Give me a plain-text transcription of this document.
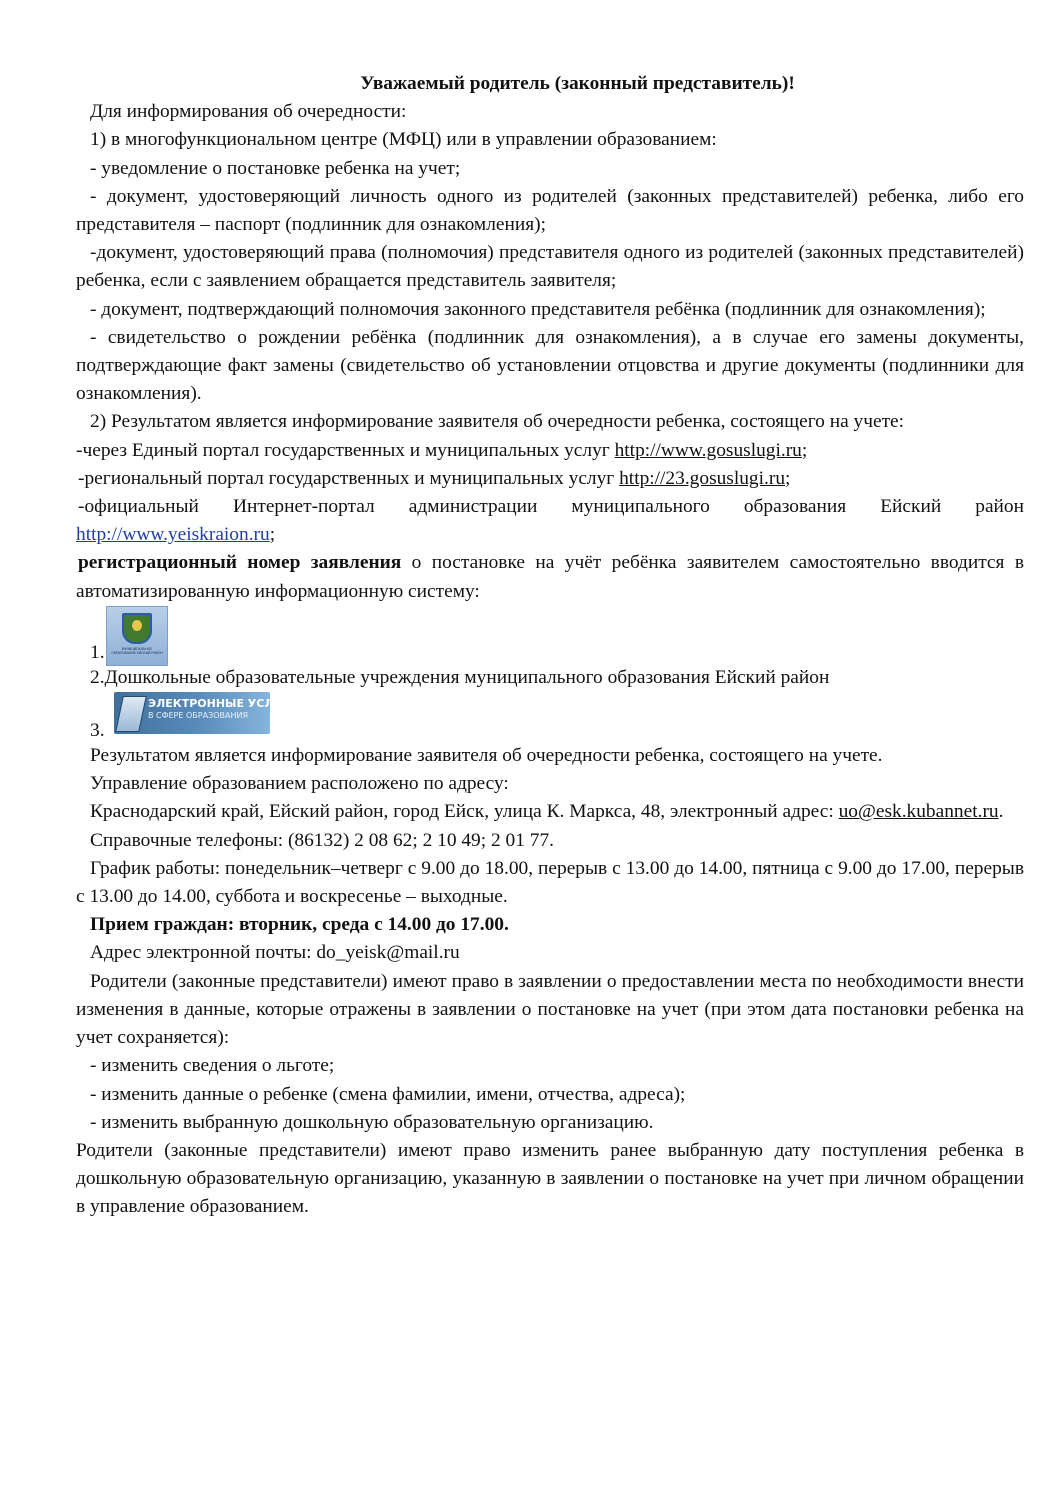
Уважаемый родитель (законный представитель)!
Для информирования об очередности:
1) в многофункциональном центре (МФЦ) или в управлении образованием:
- уведомление о постановке ребенка на учет;
- документ, удостоверяющий личность одного из родителей (законных представителей) ребенка, либо его представителя – паспорт (подлинник для ознакомления);
-документ, удостоверяющий права (полномочия) представителя одного из родителей (законных представителей) ребенка, если с заявлением обращается представитель заявителя;
- документ, подтверждающий полномочия законного представителя ребёнка (подлинник для ознакомления);
- свидетельство о рождении ребёнка (подлинник для ознакомления), а в случае его замены документы, подтверждающие факт замены (свидетельство об установлении отцовства и другие документы (подлинники для ознакомления).
2) Результатом является информирование заявителя об очередности ребенка, состоящего на учете:
-через Единый портал государственных и муниципальных услуг http://www.gosuslugi.ru;
-региональный портал государственных и муниципальных услуг http://23.gosuslugi.ru;
-официальный Интернет-портал администрации муниципального образования Ейский район http://www.yeiskraion.ru;
регистрационный номер заявления о постановке на учёт ребёнка заявителем самостоятельно вводится в автоматизированную информационную систему:
1.	МУНИЦИПАЛЬНОЕ ОБРАЗОВАНИЕ ЕЙСКИЙ РАЙОН
2.Дошкольные образовательные учреждения муниципального образования Ейский район
3.
ЭЛЕКТРОННЫЕ УСЛУГИ
В СФЕРЕ ОБРАЗОВАНИЯ
Результатом является информирование заявителя об очередности ребенка, состоящего на учете.
Управление образованием расположено по адресу:
Краснодарский край, Ейский район, город Ейск, улица К. Маркса, 48, электронный адрес: uo@esk.kubannet.ru.
Справочные телефоны: (86132) 2 08 62; 2 10 49; 2 01 77.
График работы: понедельник–четверг с 9.00 до 18.00, перерыв с 13.00 до 14.00, пятница с 9.00 до 17.00, перерыв с 13.00 до 14.00, суббота и воскресенье – выходные.
Прием граждан: вторник, среда с 14.00 до 17.00.
Адрес электронной почты: do_yeisk@mail.ru
Родители (законные представители) имеют право в заявлении о предоставлении места по необходимости внести изменения в данные, которые отражены в заявлении о постановке на учет (при этом дата постановки ребенка на учет сохраняется):
- изменить сведения о льготе;
- изменить данные о ребенке (смена фамилии, имени, отчества, адреса);
- изменить выбранную дошкольную образовательную организацию.
Родители (законные представители) имеют право изменить ранее выбранную дату поступления ребенка в дошкольную образовательную организацию, указанную в заявлении о постановке на учет при личном обращении в управление образованием.
